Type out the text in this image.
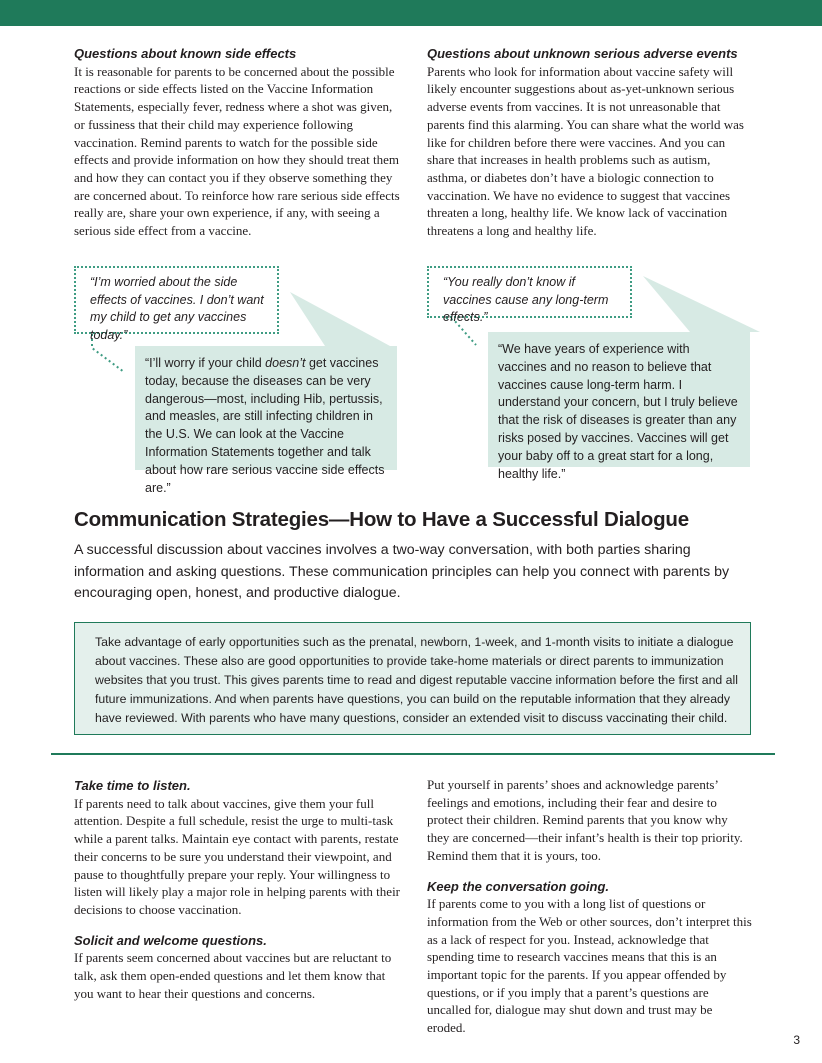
Questions about known side effects

It is reasonable for parents to be concerned about the possible reactions or side effects listed on the Vaccine Information Statements, especially fever, redness where a shot was given, or fussiness that their child may experience following vaccination. Remind parents to watch for the possible side effects and provide information on how they should treat them and how they can contact you if they observe something they are concerned about. To reinforce how rare serious side effects really are, share your own experience, if any, with seeing a serious side effect from a vaccine.

Questions about unknown serious adverse events

Parents who look for information about vaccine safety will likely encounter suggestions about as-yet-unknown serious adverse events from vaccines. It is not unreasonable that parents find this alarming. You can share what the world was like for children before there were vaccines. And you can share that increases in health problems such as autism, asthma, or diabetes don’t have a biologic connection to vaccination. We have no evidence to suggest that vaccines threaten a long, healthy life. We know lack of vaccination threatens a long and healthy life.

“I’m worried about the side effects of vaccines. I don’t want my child to get any vaccines today.”
“I’ll worry if your child doesn’t get vaccines today, because the diseases can be very dangerous—most, including Hib, pertussis, and measles, are still infecting children in the U.S. We can look at the Vaccine Information Statements together and talk about how rare serious vaccine side effects are.”
“You really don’t know if vaccines cause any long-term effects.”
“We have years of experience with vaccines and no reason to believe that vaccines cause long-term harm. I understand your concern, but I truly believe that the risk of diseases is greater than any risks posed by vaccines. Vaccines will get your baby off to a great start for a long, healthy life.”
Communication Strategies—How to Have a Successful Dialogue

A successful discussion about vaccines involves a two-way conversation, with both parties sharing information and asking questions. These communication principles can help you connect with parents by encouraging open, honest, and productive dialogue.

Take advantage of early opportunities such as the prenatal, newborn, 1-week, and 1-month visits to initiate a dialogue about vaccines. These also are good opportunities to provide take-home materials or direct parents to immunization websites that you trust. This gives parents time to read and digest reputable vaccine information before the first and all future immunizations. And when parents have questions, you can build on the reputable information that they already have reviewed. With parents who have many questions, consider an extended visit to discuss vaccinating their child.
Take time to listen.

If parents need to talk about vaccines, give them your full attention. Despite a full schedule, resist the urge to multi-task while a parent talks. Maintain eye contact with parents, restate their concerns to be sure you understand their viewpoint, and pause to thoughtfully prepare your reply. Your willingness to listen will likely play a major role in helping parents with their decisions to choose vaccination.

Solicit and welcome questions.

If parents seem concerned about vaccines but are reluctant to talk, ask them open-ended questions and let them know that you want to hear their questions and concerns.

Put yourself in parents’ shoes and acknowledge parents’ feelings and emotions, including their fear and desire to protect their children. Remind parents that you know why they are concerned—their infant’s health is their top priority. Remind them that it is yours, too.

Keep the conversation going.

If parents come to you with a long list of questions or information from the Web or other sources, don’t interpret this as a lack of respect for you. Instead, acknowledge that spending time to research vaccines means that this is an important topic for the parents. If you appear offended by questions, or if you imply that a parent’s questions are uncalled for, dialogue may shut down and trust may be eroded.

3
